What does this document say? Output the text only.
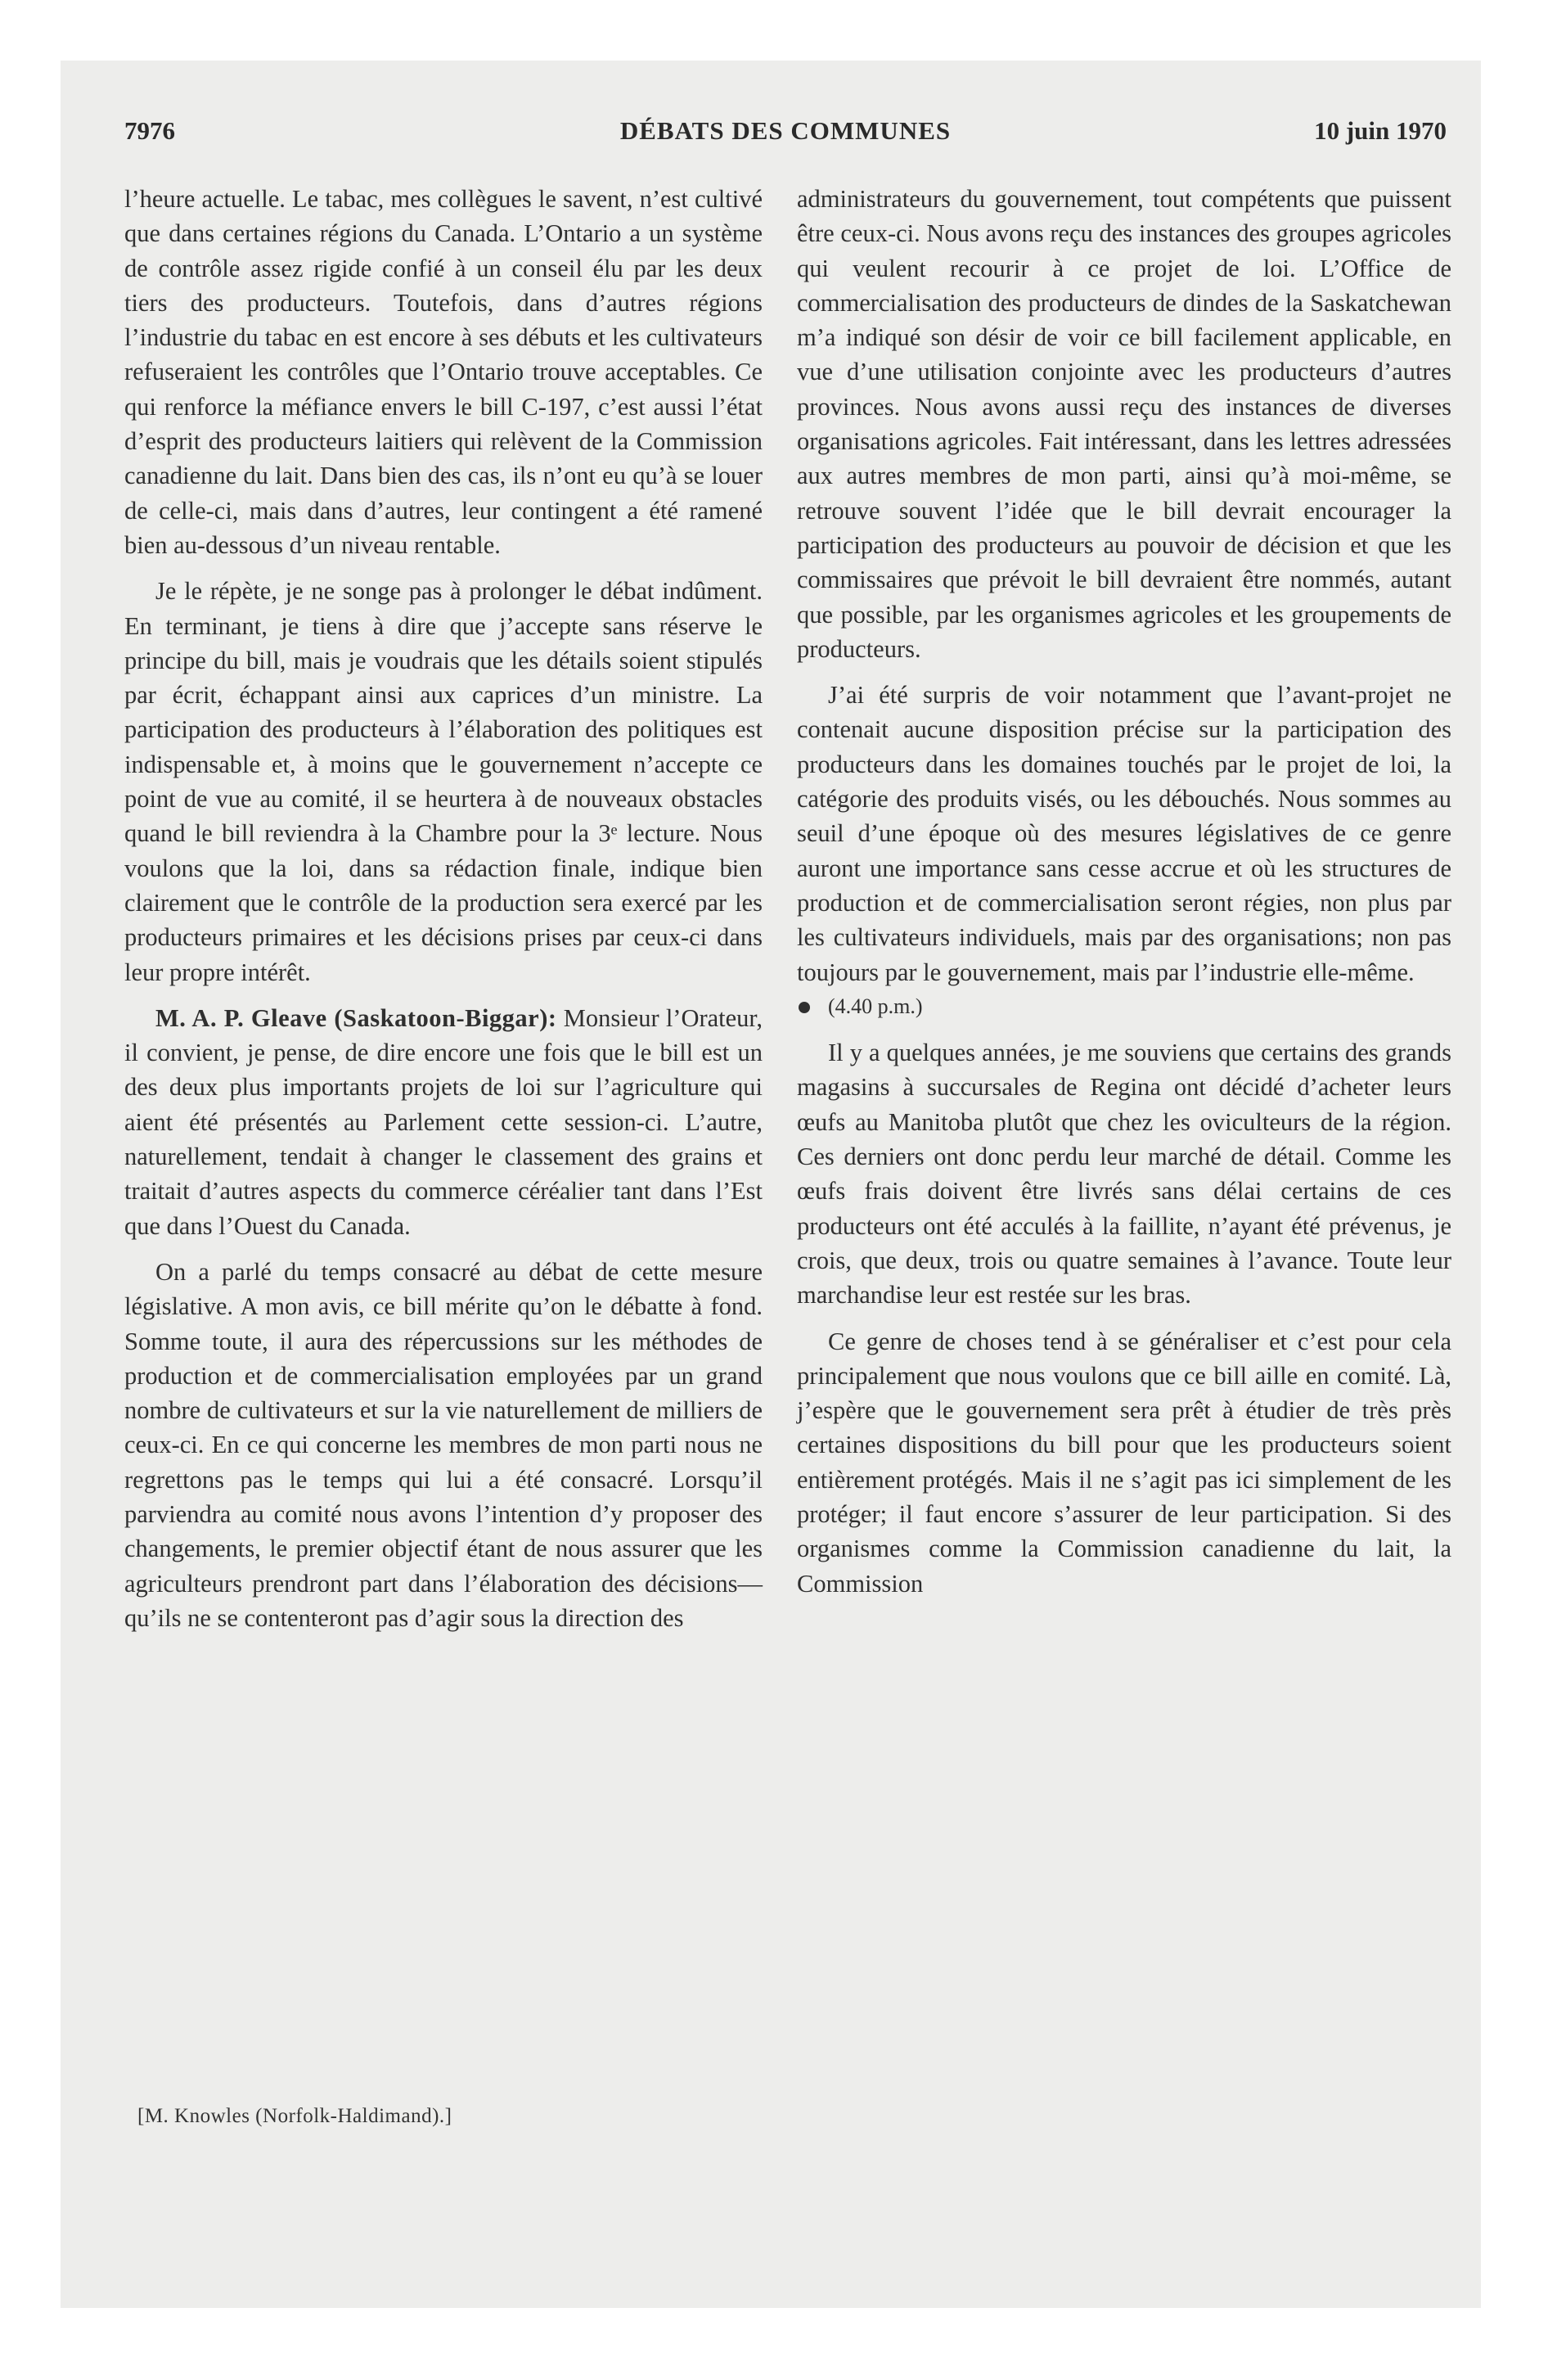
7976	DÉBATS DES COMMUNES	10 juin 1970

l’heure actuelle. Le tabac, mes collègues le savent, n’est cultivé que dans certaines régions du Canada. L’Ontario a un système de contrôle assez rigide confié à un conseil élu par les deux tiers des producteurs. Toutefois, dans d’autres régions l’industrie du tabac en est encore à ses débuts et les cultivateurs refuseraient les contrôles que l’Ontario trouve acceptables. Ce qui renforce la méfiance envers le bill C-197, c’est aussi l’état d’esprit des producteurs laitiers qui relèvent de la Commission canadienne du lait. Dans bien des cas, ils n’ont eu qu’à se louer de celle-ci, mais dans d’autres, leur contingent a été ramené bien au-dessous d’un niveau rentable.

Je le répète, je ne songe pas à prolonger le débat indûment. En terminant, je tiens à dire que j’accepte sans réserve le principe du bill, mais je voudrais que les détails soient stipulés par écrit, échappant ainsi aux caprices d’un ministre. La participation des producteurs à l’élaboration des politiques est indispensable et, à moins que le gouvernement n’accepte ce point de vue au comité, il se heurtera à de nouveaux obstacles quand le bill reviendra à la Chambre pour la 3ᵉ lecture. Nous voulons que la loi, dans sa rédaction finale, indique bien clairement que le contrôle de la production sera exercé par les producteurs primaires et les décisions prises par ceux-ci dans leur propre intérêt.

M. A. P. Gleave (Saskatoon-Biggar): Monsieur l’Orateur, il convient, je pense, de dire encore une fois que le bill est un des deux plus importants projets de loi sur l’agriculture qui aient été présentés au Parlement cette session-ci. L’autre, naturellement, tendait à changer le classement des grains et traitait d’autres aspects du commerce céréalier tant dans l’Est que dans l’Ouest du Canada.

On a parlé du temps consacré au débat de cette mesure législative. A mon avis, ce bill mérite qu’on le débatte à fond. Somme toute, il aura des répercussions sur les méthodes de production et de commercialisation employées par un grand nombre de cultivateurs et sur la vie naturellement de milliers de ceux-ci. En ce qui concerne les membres de mon parti nous ne regrettons pas le temps qui lui a été consacré. Lorsqu’il parviendra au comité nous avons l’intention d’y proposer des changements, le premier objectif étant de nous assurer que les agriculteurs prendront part dans l’élaboration des décisions—qu’ils ne se contenteront pas d’agir sous la direction des

administrateurs du gouvernement, tout compétents que puissent être ceux-ci. Nous avons reçu des instances des groupes agricoles qui veulent recourir à ce projet de loi. L’Office de commercialisation des producteurs de dindes de la Saskatchewan m’a indiqué son désir de voir ce bill facilement applicable, en vue d’une utilisation conjointe avec les producteurs d’autres provinces. Nous avons aussi reçu des instances de diverses organisations agricoles. Fait intéressant, dans les lettres adressées aux autres membres de mon parti, ainsi qu’à moi-même, se retrouve souvent l’idée que le bill devrait encourager la participation des producteurs au pouvoir de décision et que les commissaires que prévoit le bill devraient être nommés, autant que possible, par les organismes agricoles et les groupements de producteurs.

J’ai été surpris de voir notamment que l’avant-projet ne contenait aucune disposition précise sur la participation des producteurs dans les domaines touchés par le projet de loi, la catégorie des produits visés, ou les débouchés. Nous sommes au seuil d’une époque où des mesures législatives de ce genre auront une importance sans cesse accrue et où les structures de production et de commercialisation seront régies, non plus par les cultivateurs individuels, mais par des organisations; non pas toujours par le gouvernement, mais par l’industrie elle-même.

(4.40 p.m.)

Il y a quelques années, je me souviens que certains des grands magasins à succursales de Regina ont décidé d’acheter leurs œufs au Manitoba plutôt que chez les oviculteurs de la région. Ces derniers ont donc perdu leur marché de détail. Comme les œufs frais doivent être livrés sans délai certains de ces producteurs ont été acculés à la faillite, n’ayant été prévenus, je crois, que deux, trois ou quatre semaines à l’avance. Toute leur marchandise leur est restée sur les bras.

Ce genre de choses tend à se généraliser et c’est pour cela principalement que nous voulons que ce bill aille en comité. Là, j’espère que le gouvernement sera prêt à étudier de très près certaines dispositions du bill pour que les producteurs soient entièrement protégés. Mais il ne s’agit pas ici simplement de les protéger; il faut encore s’assurer de leur participation. Si des organismes comme la Commission canadienne du lait, la Commission

[M. Knowles (Norfolk-Haldimand).]
